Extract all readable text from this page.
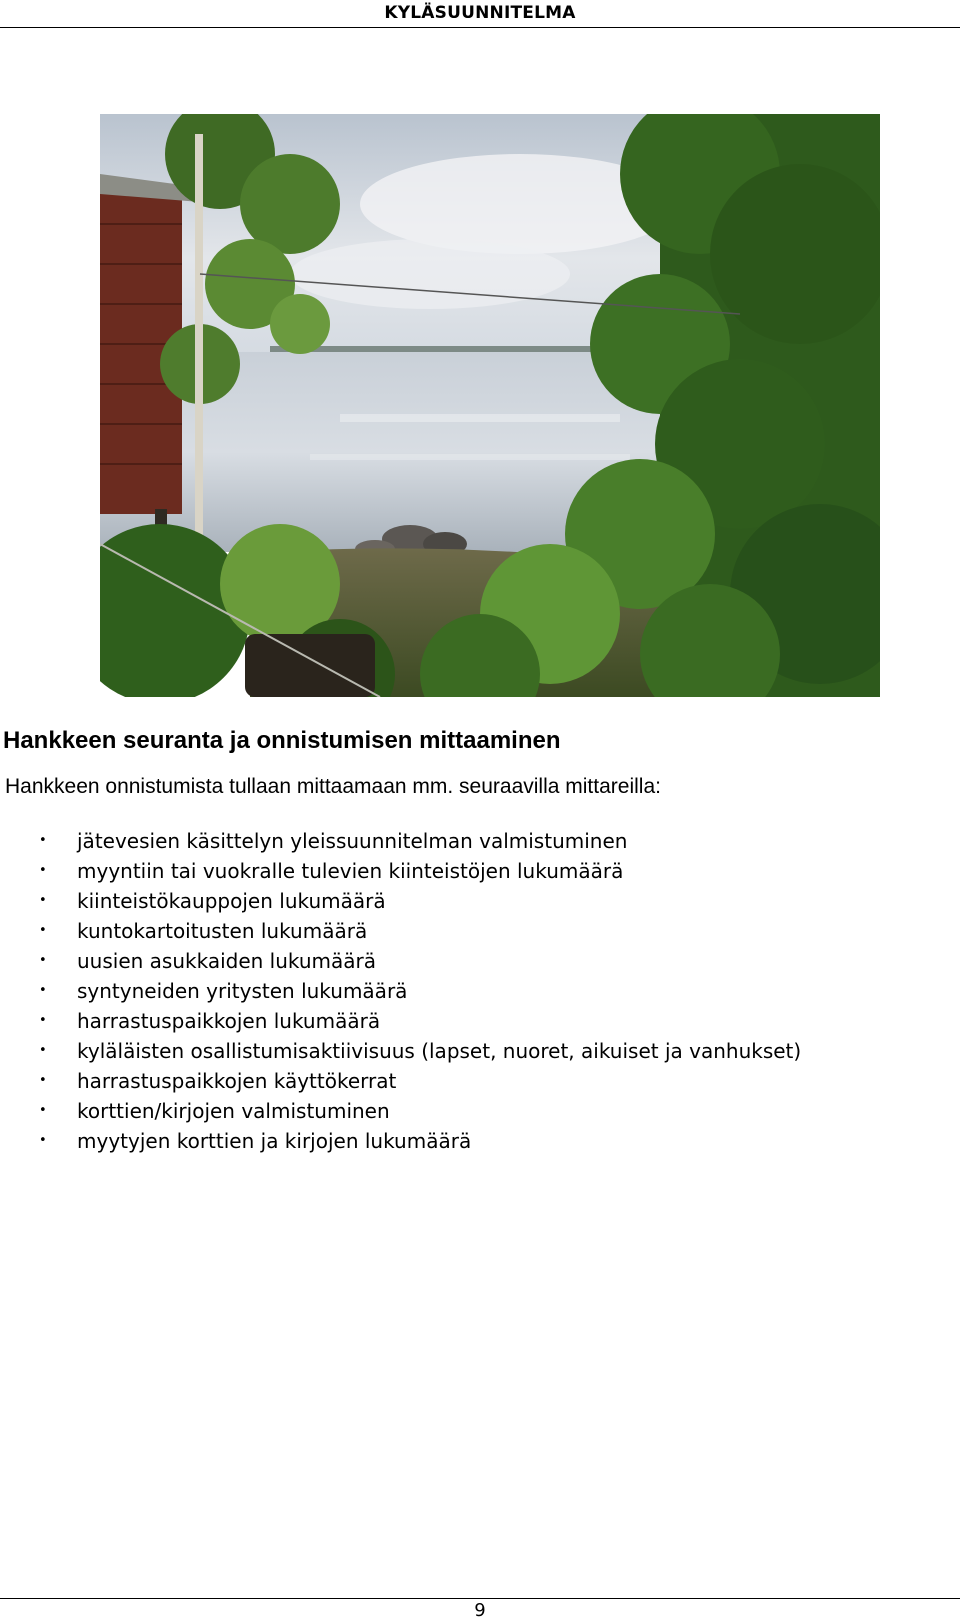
KYLÄSUUNNITELMA
Hankkeen seuranta ja onnistumisen mittaaminen

Hankkeen onnistumista tullaan mittaamaan mm. seuraavilla mittareilla:

• jätevesien käsittelyn yleissuunnitelman valmistuminen
• myyntiin tai vuokralle tulevien kiinteistöjen lukumäärä
• kiinteistökauppojen lukumäärä
• kuntokartoitusten lukumäärä
• uusien asukkaiden lukumäärä
• syntyneiden yritysten lukumäärä
• harrastuspaikkojen lukumäärä
• kyläläisten osallistumisaktiivisuus (lapset, nuoret, aikuiset ja vanhukset)
• harrastuspaikkojen käyttökerrat
• korttien/kirjojen valmistuminen
• myytyjen korttien ja kirjojen lukumäärä
9
